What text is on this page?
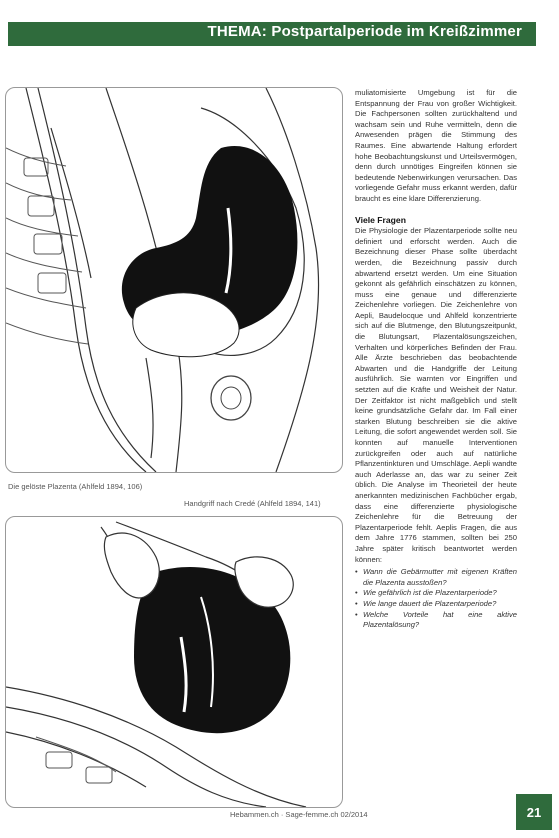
THEMA: Postpartalperiode im Kreißzimmer
Die gelöste Plazenta (Ahlfeld 1894, 106)
Handgriff nach Credé (Ahlfeld 1894, 141)

muliatomisierte Umgebung ist für die Entspannung der Frau von großer Wichtigkeit. Die Fachpersonen sollten zurückhaltend und wachsam sein und Ruhe vermitteln, denn die Anwesenden prägen die Stimmung des Raumes. Eine abwartende Haltung erfordert hohe Beobachtungskunst und Urteilsvermögen, denn durch unnötiges Eingreifen können sie bedeutende Nebenwirkungen verursachen. Das vorliegende Gefahr muss erkannt werden, dafür braucht es eine klare Differenzierung.

Viele Fragen

Die Physiologie der Plazentarperiode sollte neu definiert und erforscht werden. Auch die Bezeichnung dieser Phase sollte überdacht werden, die Bezeichnung passiv durch abwartend ersetzt werden. Um eine Situation gekonnt als gefährlich einschätzen zu können, muss eine genaue und differenzierte Zeichenlehre vorliegen. Die Zeichenlehre von Aepli, Baudelocque und Ahlfeld konzentrierte sich auf die Blutmenge, den Blutungszeitpunkt, die Blutungsart, Plazentalösungszeichen, Verhalten und körperliches Befinden der Frau. Alle Ärzte beschrieben das beobachtende Abwarten und die Handgriffe der Leitung ausführlich. Sie warnten vor Eingriffen und setzten auf die Kräfte und Weisheit der Natur. Der Zeitfaktor ist nicht maßgeblich und stellt keine grundsätzliche Gefahr dar. Im Fall einer starken Blutung beschreiben sie die aktive Leitung, die sofort angewendet werden soll. Sie konnten auf manuelle Interventionen zurückgreifen oder auch auf natürliche Pflanzentinkturen und Umschläge. Aepli wandte auch Aderlasse an, das war zu seiner Zeit üblich. Die Analyse im Theorieteil der heute anerkannten medizinischen Fachbücher ergab, dass eine differenzierte physiologische Zeichenlehre für die Betreuung der Plazentarperiode fehlt. Aeplis Fragen, die aus dem Jahre 1776 stammen, sollten bei 250 Jahre später kritisch beantwortet werden können:

• Wann die Gebärmutter mit eigenen Kräften die Plazenta ausstoßen?
• Wie gefährlich ist die Plazentarperiode?
• Wie lange dauert die Plazentarperiode?
• Welche Vorteile hat eine aktive Plazentalösung?
Hebammen.ch · Sage-femme.ch 02/2014	21
